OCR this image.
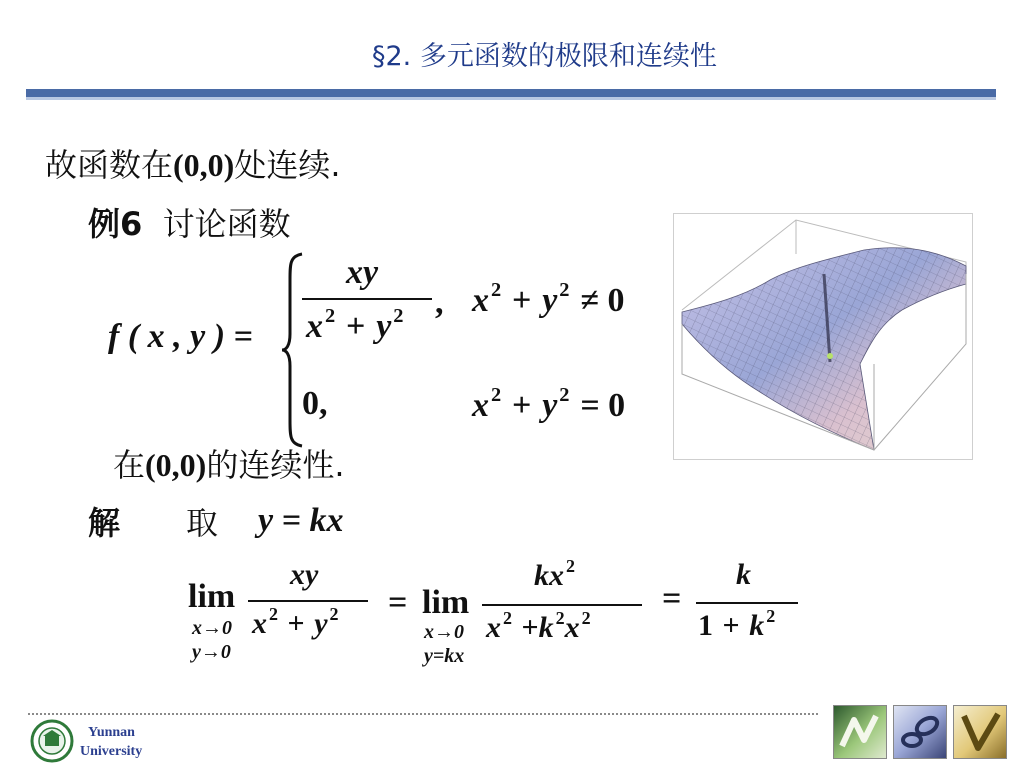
§2. 多元函数的极限和连续性
故函数在(0,0)处连续.
例6 讨论函数
f ( x , y ) =
xy
$x^2 + y^2$ , $x^2 + y^2 \ne 0$
0,	$x^2 + y^2 = 0$
在(0,0)的连续性.
解 取 y = kx
lim
x→0
y→0
xy
x $^2$ + y $^2$ = lim
x→0
y=kx
kx $^2$
x $^2$ +k $^2$x $^2$
=
k
1 + k $^2$
Yunnan
University
